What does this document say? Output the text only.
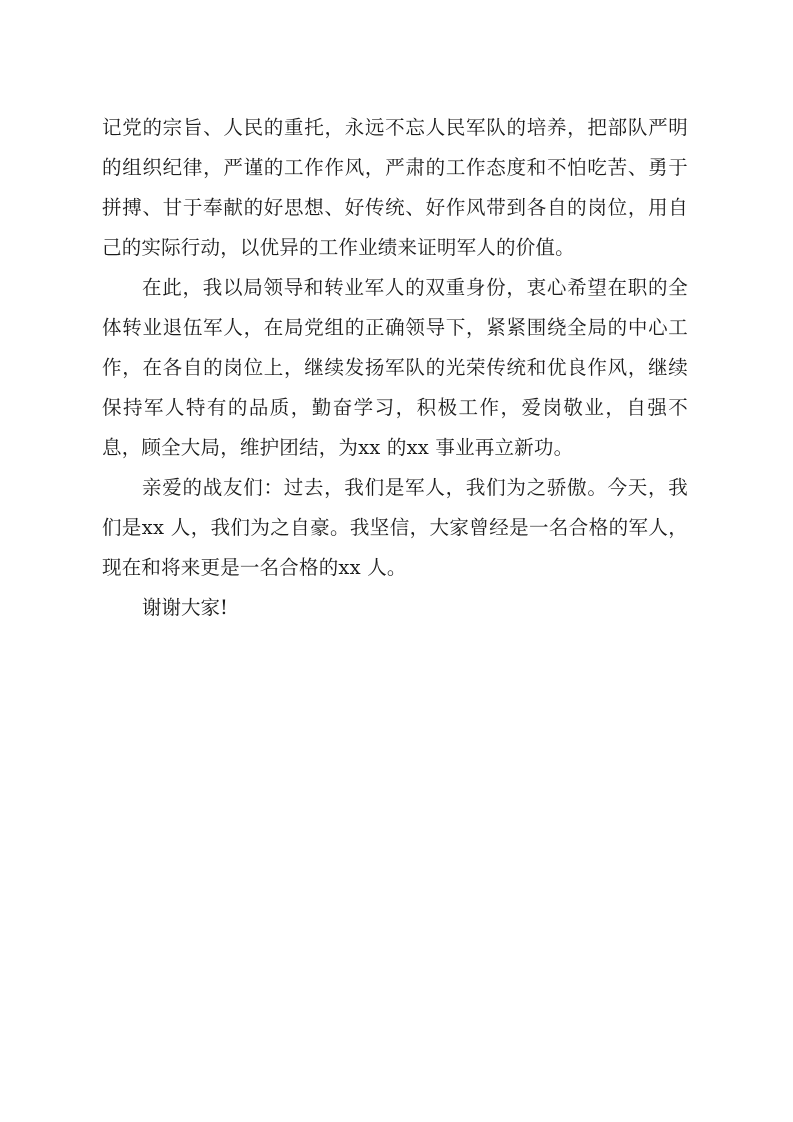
记党的宗旨、人民的重托，永远不忘人民军队的培养，把部队严明的组织纪律，严谨的工作作风，严肃的工作态度和不怕吃苦、勇于拼搏、甘于奉献的好思想、好传统、好作风带到各自的岗位，用自己的实际行动，以优异的工作业绩来证明军人的价值。

在此，我以局领导和转业军人的双重身份，衷心希望在职的全体转业退伍军人，在局党组的正确领导下，紧紧围绕全局的中心工作，在各自的岗位上，继续发扬军队的光荣传统和优良作风，继续保持军人特有的品质，勤奋学习，积极工作，爱岗敬业，自强不息，顾全大局，维护团结，为xx 的xx 事业再立新功。

亲爱的战友们：过去，我们是军人，我们为之骄傲。今天，我们是xx 人，我们为之自豪。我坚信，大家曾经是一名合格的军人，现在和将来更是一名合格的xx 人。

谢谢大家!
